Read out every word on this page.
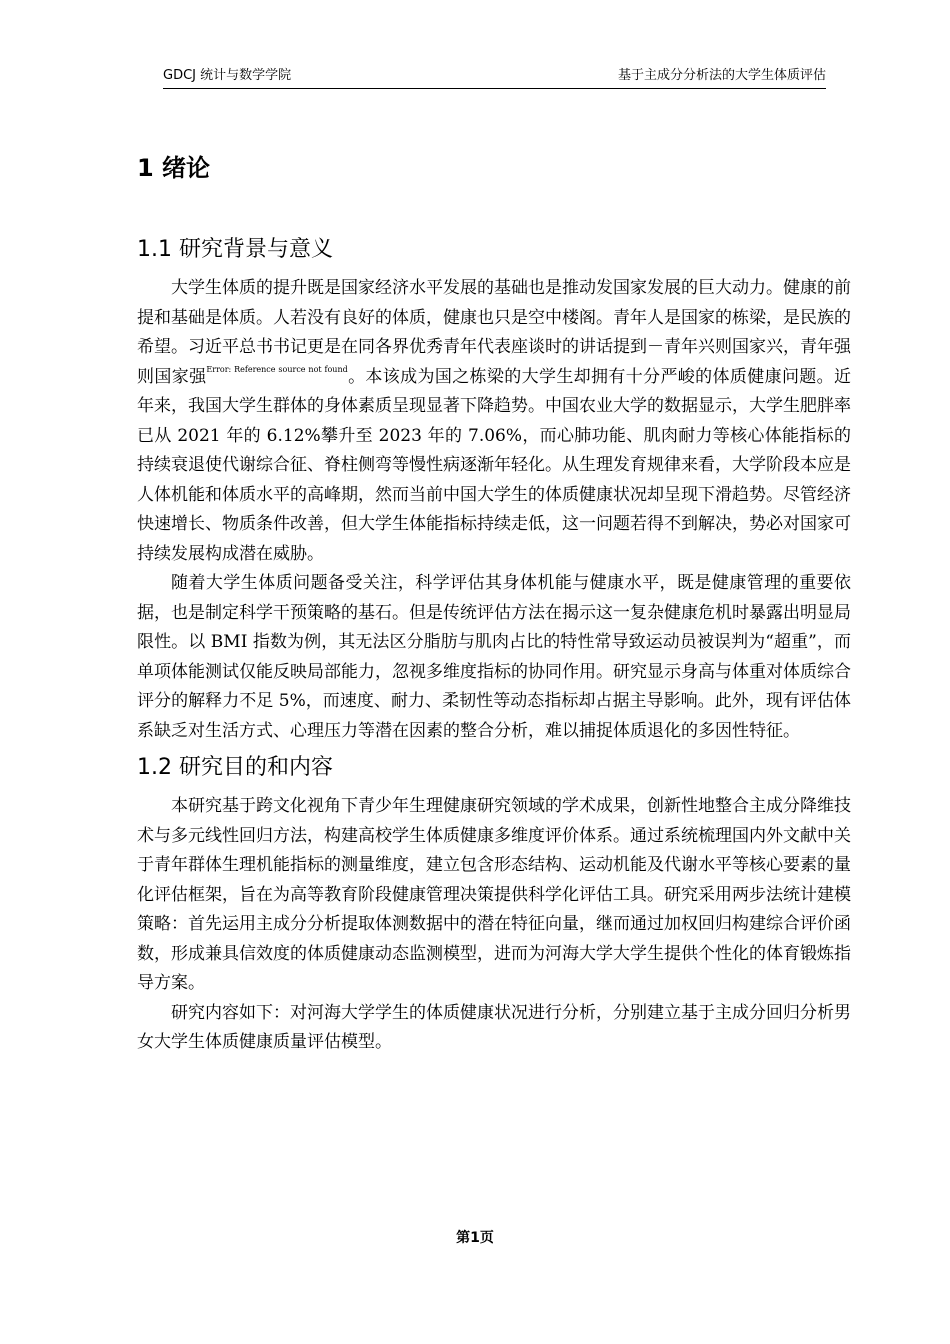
GDCJ 统计与数学学院	基于主成分分析法的大学生体质评估
1 绪论
1.1 研究背景与意义

大学生体质的提升既是国家经济水平发展的基础也是推动发国家发展的巨大动力。健康的前提和基础是体质。人若没有良好的体质，健康也只是空中楼阁。青年人是国家的栋梁，是民族的希望。习近平总书书记更是在同各界优秀青年代表座谈时的讲话提到－青年兴则国家兴，青年强则国家强$^{Error: Reference source not found}$。本该成为国之栋梁的大学生却拥有十分严峻的体质健康问题。近年来，我国大学生群体的身体素质呈现显著下降趋势。中国农业大学的数据显示，大学生肥胖率已从 2021 年的 6.12%攀升至 2023 年的 7.06%，而心肺功能、肌肉耐力等核心体能指标的持续衰退使代谢综合征、脊柱侧弯等慢性病逐渐年轻化。从生理发育规律来看，大学阶段本应是人体机能和体质水平的高峰期，然而当前中国大学生的体质健康状况却呈现下滑趋势。尽管经济快速增长、物质条件改善，但大学生体能指标持续走低，这一问题若得不到解决，势必对国家可持续发展构成潜在威胁。

随着大学生体质问题备受关注，科学评估其身体机能与健康水平，既是健康管理的重要依据，也是制定科学干预策略的基石。但是传统评估方法在揭示这一复杂健康危机时暴露出明显局限性。以 BMI 指数为例，其无法区分脂肪与肌肉占比的特性常导致运动员被误判为“超重”，而单项体能测试仅能反映局部能力，忽视多维度指标的协同作用。研究显示身高与体重对体质综合评分的解释力不足 5%，而速度、耐力、柔韧性等动态指标却占据主导影响。此外，现有评估体系缺乏对生活方式、心理压力等潜在因素的整合分析，难以捕捉体质退化的多因性特征。

1.2 研究目的和内容

本研究基于跨文化视角下青少年生理健康研究领域的学术成果，创新性地整合主成分降维技术与多元线性回归方法，构建高校学生体质健康多维度评价体系。通过系统梳理国内外文献中关于青年群体生理机能指标的测量维度，建立包含形态结构、运动机能及代谢水平等核心要素的量化评估框架，旨在为高等教育阶段健康管理决策提供科学化评估工具。研究采用两步法统计建模策略：首先运用主成分分析提取体测数据中的潜在特征向量，继而通过加权回归构建综合评价函数，形成兼具信效度的体质健康动态监测模型，进而为河海大学大学生提供个性化的体育锻炼指导方案。

研究内容如下：对河海大学学生的体质健康状况进行分析，分别建立基于主成分回归分析男女大学生体质健康质量评估模型。

第1页
